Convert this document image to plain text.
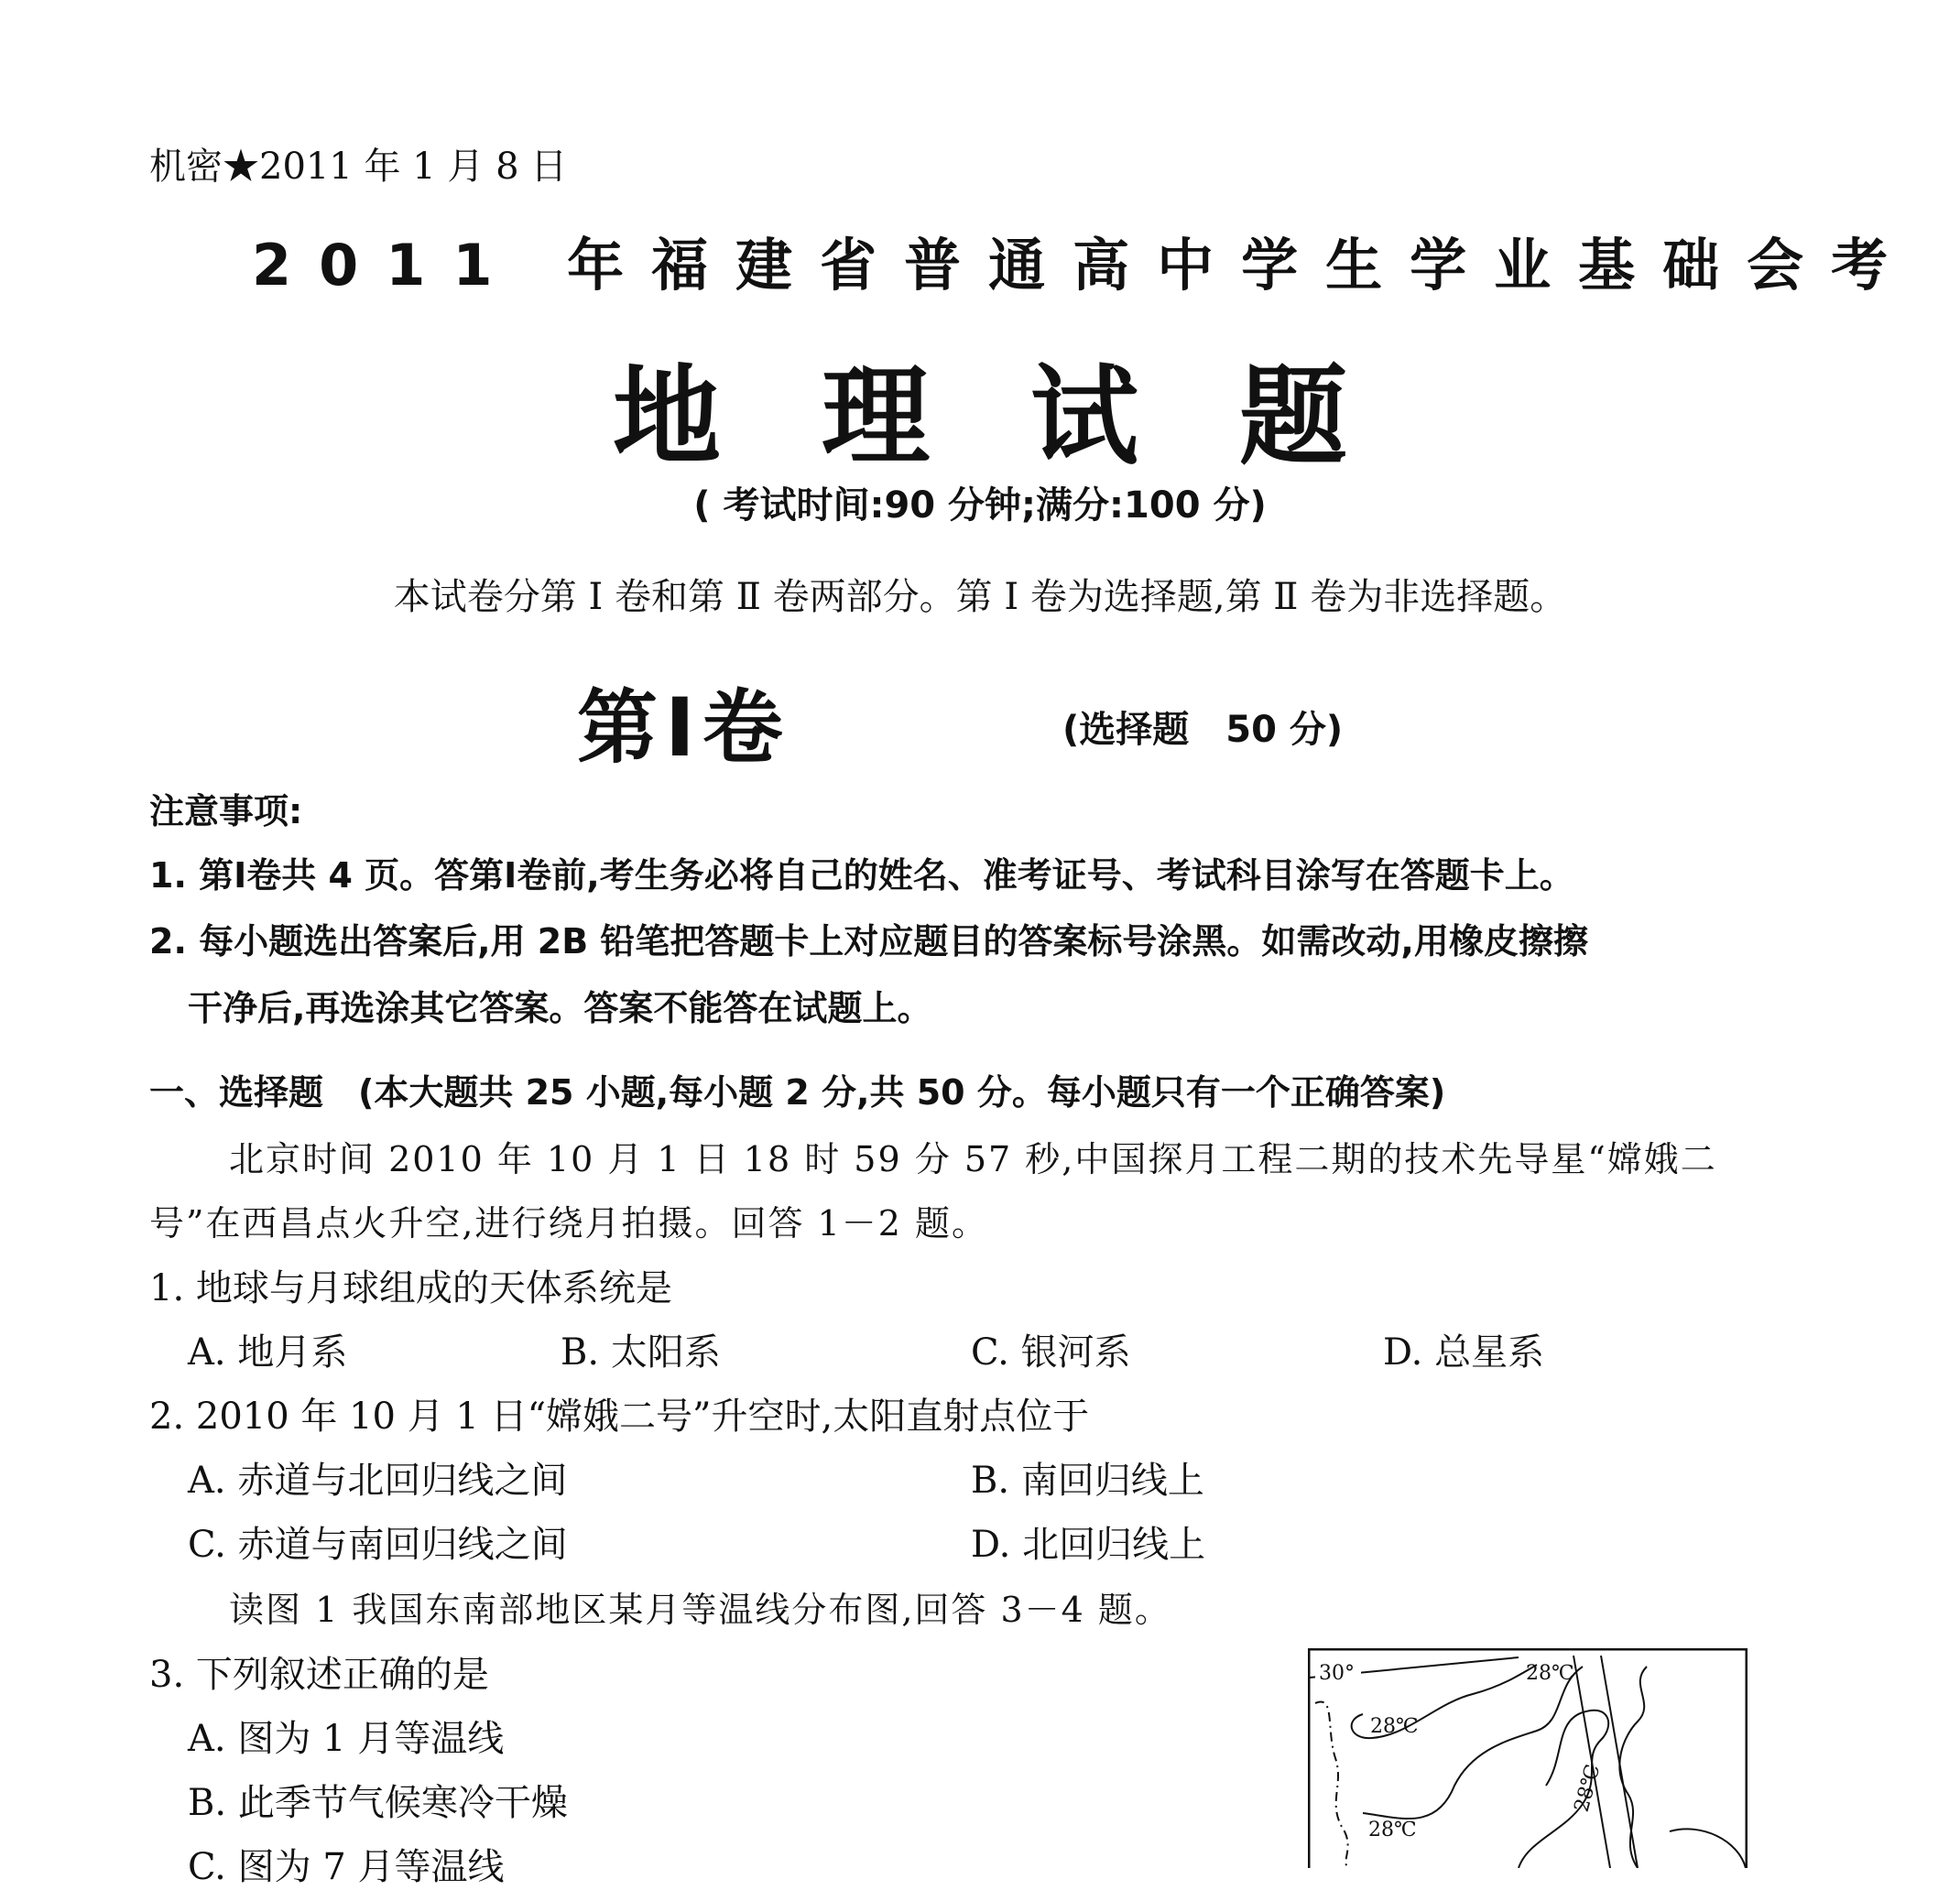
机密★2011 年 1 月 8 日
2011 年福建省普通高中学生学业基础会考
地理试题
( 考试时间:90 分钟;满分:100 分)
本试卷分第 Ⅰ 卷和第 Ⅱ 卷两部分。第 Ⅰ 卷为选择题,第 Ⅱ 卷为非选择题。
第Ⅰ卷	(选择题　50 分)
注意事项:
1. 第Ⅰ卷共 4 页。答第Ⅰ卷前,考生务必将自己的姓名、准考证号、考试科目涂写在答题卡上。
2. 每小题选出答案后,用 2B 铅笔把答题卡上对应题目的答案标号涂黑。如需改动,用橡皮擦擦
干净后,再选涂其它答案。答案不能答在试题上。
一、选择题　(本大题共 25 小题,每小题 2 分,共 50 分。每小题只有一个正确答案)
北京时间 2010 年 10 月 1 日 18 时 59 分 57 秒,中国探月工程二期的技术先导星“嫦娥二
号”在西昌点火升空,进行绕月拍摄。回答 1－2 题。
1. 地球与月球组成的天体系统是
A. 地月系	B. 太阳系	C. 银河系	D. 总星系
2. 2010 年 10 月 1 日“嫦娥二号”升空时,太阳直射点位于
A. 赤道与北回归线之间	B. 南回归线上
C. 赤道与南回归线之间	D. 北回归线上
读图 1 我国东南部地区某月等温线分布图,回答 3－4 题。
3. 下列叙述正确的是
A. 图为 1 月等温线
B. 此季节气候寒冷干燥
C. 图为 7 月等温线
30°	28℃
28℃
28℃
28℃
